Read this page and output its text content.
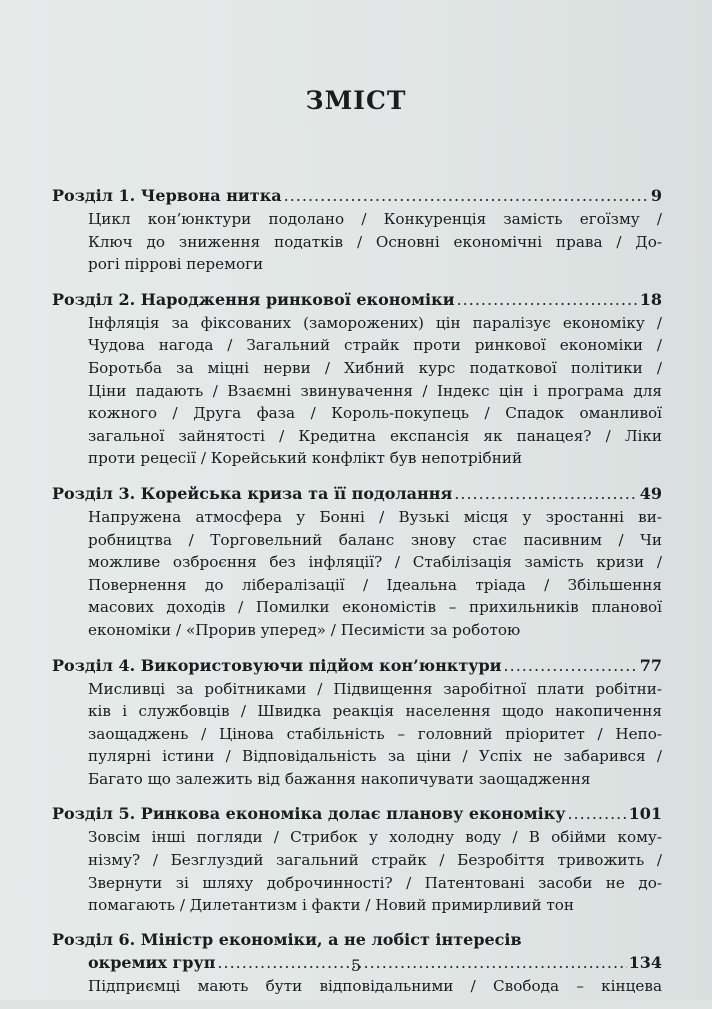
ЗМІСТ
Розділ 1. Червона нитка .....	9
Цикл кон’юнктури подолано / Конкуренція замість егоїзму /
Ключ до зниження податків / Основні економічні права / До-
рогі піррові перемоги
Розділ 2. Народження ринкової економіки .....	18
Інфляція за фіксованих (заморожених) цін паралізує економіку /
Чудова нагода / Загальний страйк проти ринкової економіки /
Боротьба за міцні нерви / Хибний курс податкової політики /
Ціни падають / Взаємні звинувачення / Індекс цін і програма для
кожного / Друга фаза / Король-покупець / Спадок оманливої
загальної зайнятості / Кредитна експансія як панацея? / Ліки
проти рецесії / Корейський конфлікт був непотрібний
Розділ 3. Корейська криза та її подолання .....	49
Напружена атмосфера у Бонні / Вузькі місця у зростанні ви-
робництва / Торговельний баланс знову стає пасивним / Чи
можливе озброєння без інфляції? / Стабілізація замість кризи /
Повернення до лібералізації / Ідеальна тріада / Збільшення
масових доходів / Помилки економістів – прихильників планової
економіки / «Прорив уперед» / Песимісти за роботою
Розділ 4. Використовуючи підйом кон’юнктури .....	77
Мисливці за робітниками / Підвищення заробітної плати робітни-
ків і службовців / Швидка реакція населення щодо накопичення
заощаджень / Цінова стабільність – головний пріоритет / Непо-
пулярні істини / Відповідальність за ціни / Успіх не забарився /
Багато що залежить від бажання накопичувати заощадження
Розділ 5. Ринкова економіка долає планову економіку .....	101
Зовсім інші погляди / Стрибок у холодну воду / В обійми кому-
нізму? / Безглуздий загальний страйк / Безробіття тривожить /
Звернути зі шляху доброчинності? / Патентовані засоби не до-
помагають / Дилетантизм і факти / Новий примирливий тон
Розділ 6. Міністр економіки, а не лобіст інтересів
окремих груп .....	134
Підприємці мають бути відповідальними / Свобода – кінцева
5
